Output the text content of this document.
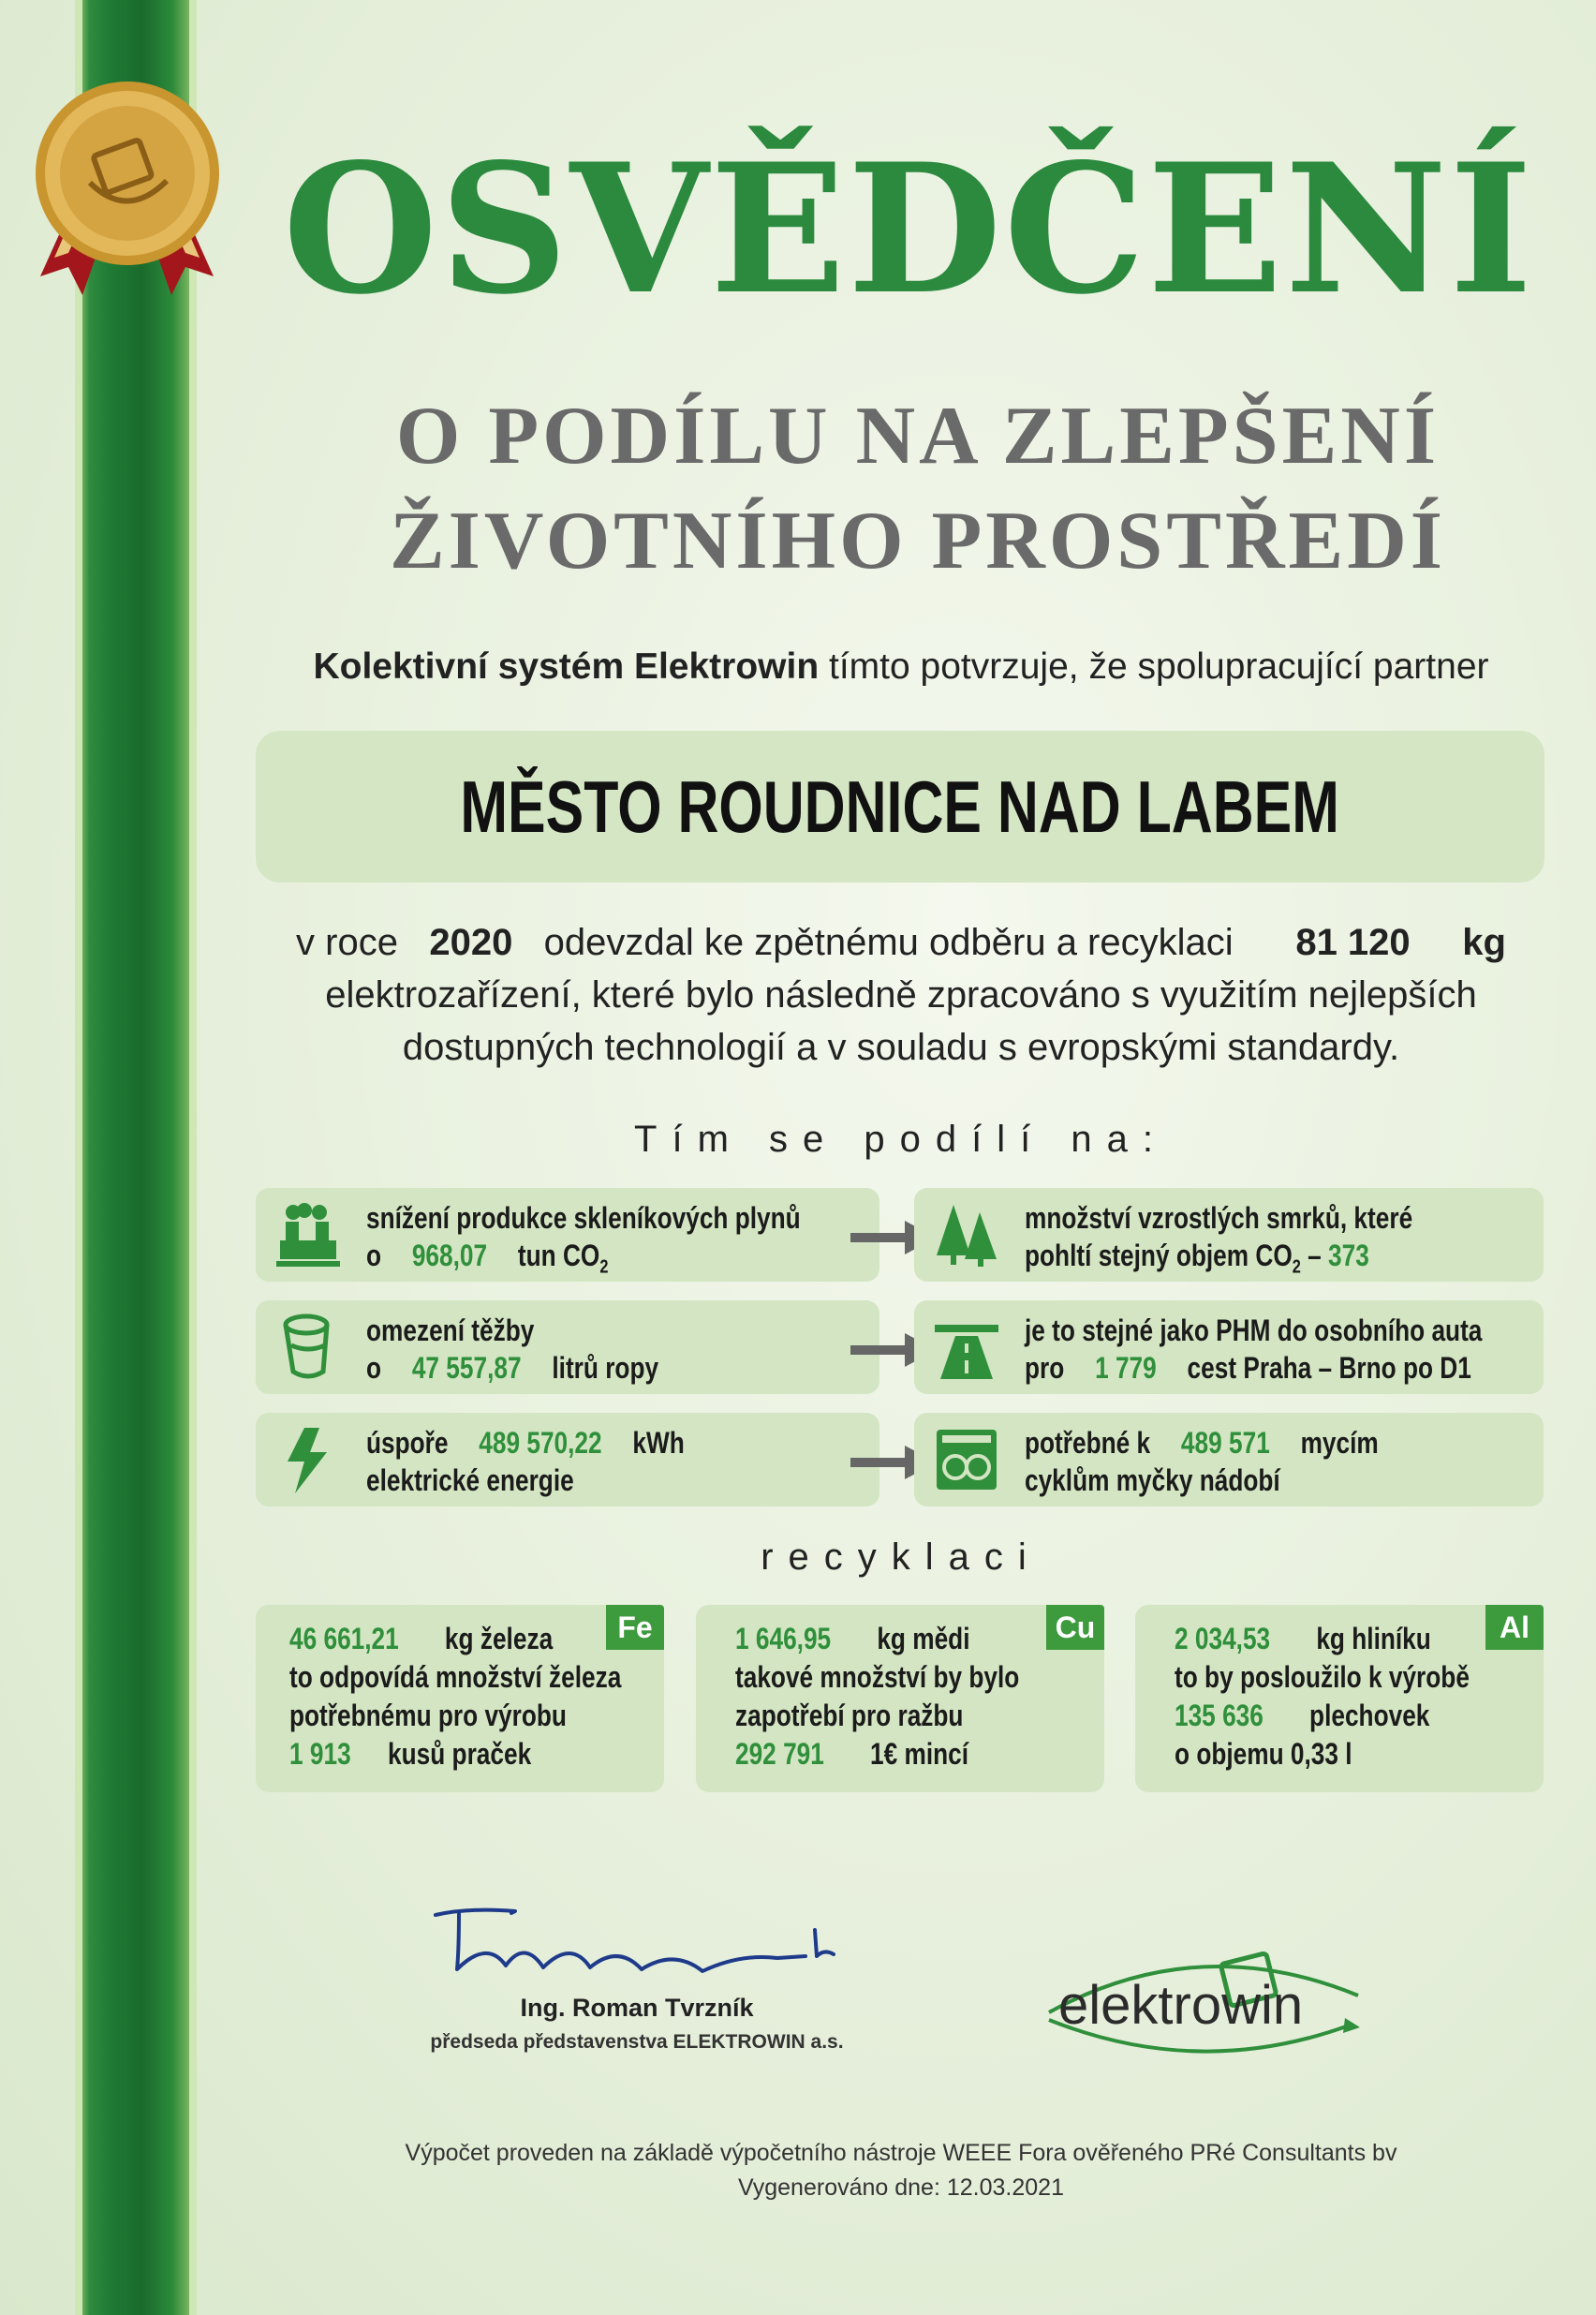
OSVĚDČENÍ
O PODÍLU NA ZLEPŠENÍ
ŽIVOTNÍHO PROSTŘEDÍ
Kolektivní systém Elektrowin tímto potvrzuje, že spolupracující partner
MĚSTO ROUDNICE NAD LABEM
v roce 2020 odevzdal ke zpětnému odběru a recyklaci 81 120 kg
elektrozařízení, které bylo následně zpracováno s využitím nejlepších
dostupných technologií a v souladu s evropskými standardy.
Tím se podílí na:
snížení produkce skleníkových plynů
o 968,07 tun $CO_2$
omezení těžby
o 47 557,87 litrů ropy
úspoře 489 570,22 kWh
elektrické energie
množství vzrostlých smrků, které
pohltí stejný objem $CO_2 - 373$
je to stejné jako PHM do osobního auta
pro 1 779 cest Praha – Brno po D1
potřebné k 489 571 mycím
cyklům myčky nádobí
recyklaci
Fe
46 661,21 kg železa
to odpovídá množství železa
potřebnému pro výrobu
1 913 kusů praček
Cu
1 646,95 kg mědi
takové množství by bylo
zapotřebí pro ražbu
292 791 1€ mincí
Al
2 034,53 kg hliníku
to by posloužilo k výrobě
135 636 plechovek
o objemu 0,33 l
Ing. Roman Tvrzník
předseda představenstva ELEKTROWIN a.s.
elektrowin
Výpočet proveden na základě výpočetního nástroje WEEE Fora ověřeného PRé Consultants bv
Vygenerováno dne: 12.03.2021
